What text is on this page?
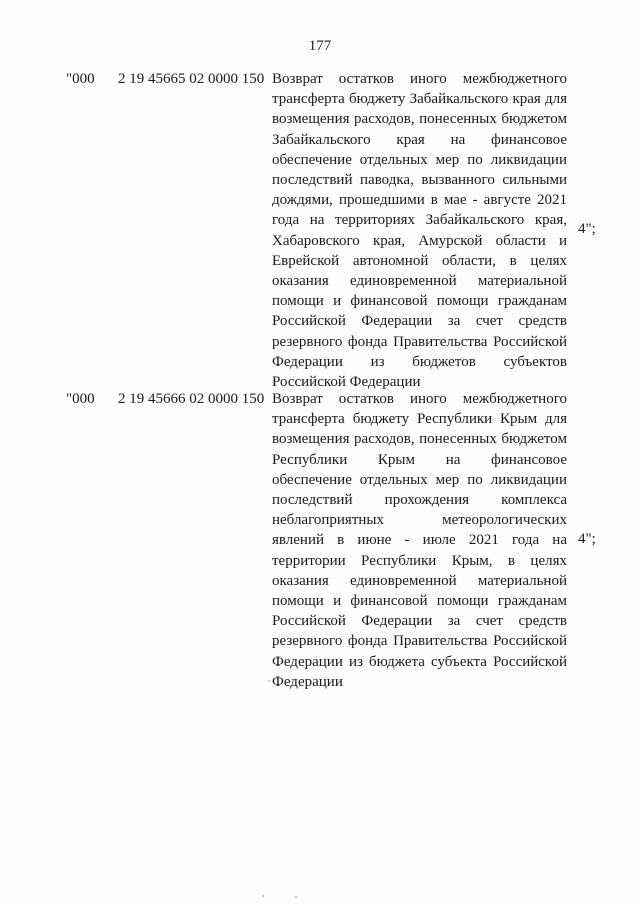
177
"000 2 19 45665 02 0000 150 Возврат остатков иного межбюджетного
трансферта бюджету Забайкальского края для
возмещения расходов, понесенных бюджетом
Забайкальского края на финансовое
обеспечение отдельных мер по ликвидации
последствий паводка, вызванного сильными
дождями, прошедшими в мае - августе 2021
года на территориях Забайкальского края,
Хабаровского края, Амурской области и
Еврейской автономной области, в целях
оказания единовременной материальной
помощи и финансовой помощи гражданам
Российской Федерации за счет средств
резервного фонда Правительства Российской
Федерации из бюджетов субъектов
Российской Федерации
4";
"000 2 19 45666 02 0000 150 Возврат остатков иного межбюджетного
трансферта бюджету Республики Крым для
возмещения расходов, понесенных бюджетом
Республики Крым на финансовое
обеспечение отдельных мер по ликвидации
последствий прохождения комплекса
неблагоприятных метеорологических
явлений в июне - июле 2021 года на
территории Республики Крым, в целях
оказания единовременной материальной
помощи и финансовой помощи гражданам
Российской Федерации за счет средств
резервного фонда Правительства Российской
Федерации из бюджета субъекта Российской
Федерации
4";
